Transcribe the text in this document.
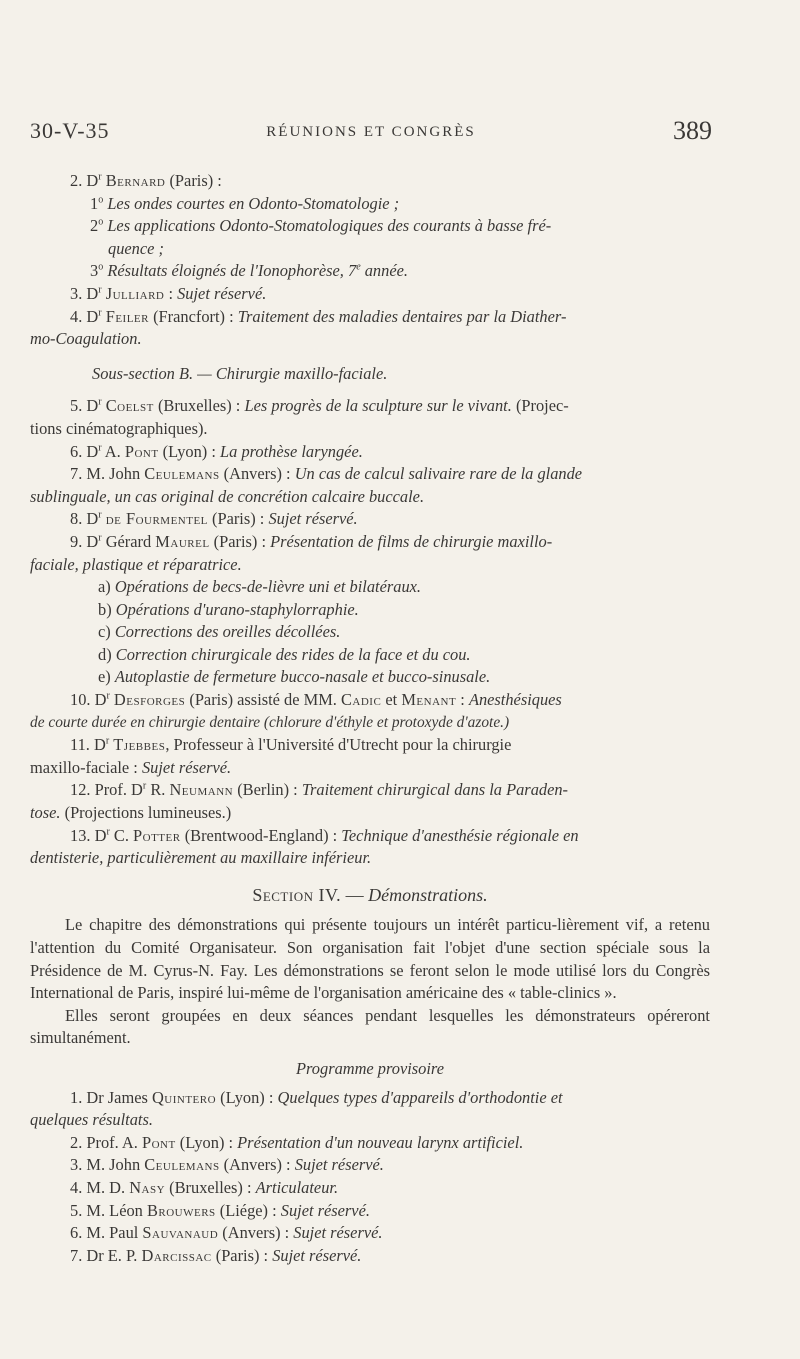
30-V-35	RÉUNIONS ET CONGRÈS	389
2. $D^r$ Bernard (Paris) :
1$^o$ Les ondes courtes en Odonto-Stomatologie ;
2$^o$ Les applications Odonto-Stomatologiques des courants à basse fré-
quence ;
3$^o$ Résultats éloignés de l'Ionophorèse, 7e année.
3. $D^r$ Julliard : Sujet réservé.
4. $D^r$ Feiler (Francfort) : Traitement des maladies dentaires par la Diather-
mo-Coagulation.
Sous-section B. — Chirurgie maxillo-faciale.
5. $D^r$ Coelst (Bruxelles) : Les progrès de la sculpture sur le vivant. (Projec-
tions cinématographiques).
6. $D^r$ A. Pont (Lyon) : La prothèse laryngée.
7. M. John Ceulemans (Anvers) : Un cas de calcul salivaire rare de la glande
sublinguale, un cas original de concrétion calcaire buccale.
8. $D^r$ de Fourmentel (Paris) : Sujet réservé.
9. $D^r$ Gérard Maurel (Paris) : Présentation de films de chirurgie maxillo-
faciale, plastique et réparatrice.
a) Opérations de becs-de-lièvre uni et bilatéraux.
b) Opérations d'urano-staphylorraphie.
c) Corrections des oreilles décollées.
d) Correction chirurgicale des rides de la face et du cou.
e) Autoplastie de fermeture bucco-nasale et bucco-sinusale.
10. $D^r$ Desforges (Paris) assisté de MM. Cadic et Menant : Anesthésiques
de courte durée en chirurgie dentaire (chlorure d'éthyle et protoxyde d'azote.)
11. $D^r$ Tjebbes, Professeur à l'Université d'Utrecht pour la chirurgie
maxillo-faciale : Sujet réservé.
12. Prof. $D^r$ R. Neumann (Berlin) : Traitement chirurgical dans la Paraden-
tose. (Projections lumineuses.)
13. $D^r$ C. Potter (Brentwood-England) : Technique d'anesthésie régionale en
dentisterie, particulièrement au maxillaire inférieur.
Section IV. — Démonstrations.
Le chapitre des démonstrations qui présente toujours un intérêt particu-lièrement vif, a retenu l'attention du Comité Organisateur. Son organisation fait l'objet d'une section spéciale sous la Présidence de M. Cyrus-N. Fay. Les démonstrations se feront selon le mode utilisé lors du Congrès International de Paris, inspiré lui-même de l'organisation américaine des « table-clinics ».
Elles seront groupées en deux séances pendant lesquelles les démonstrateurs opéreront simultanément.
Programme provisoire
1. Dr James Quintero (Lyon) : Quelques types d'appareils d'orthodontie et
quelques résultats.
2. Prof. A. Pont (Lyon) : Présentation d'un nouveau larynx artificiel.
3. M. John Ceulemans (Anvers) : Sujet réservé.
4. M. D. Nasy (Bruxelles) : Articulateur.
5. M. Léon Brouwers (Liége) : Sujet réservé.
6. M. Paul Sauvanaud (Anvers) : Sujet réservé.
7. Dr E. P. Darcissac (Paris) : Sujet réservé.
